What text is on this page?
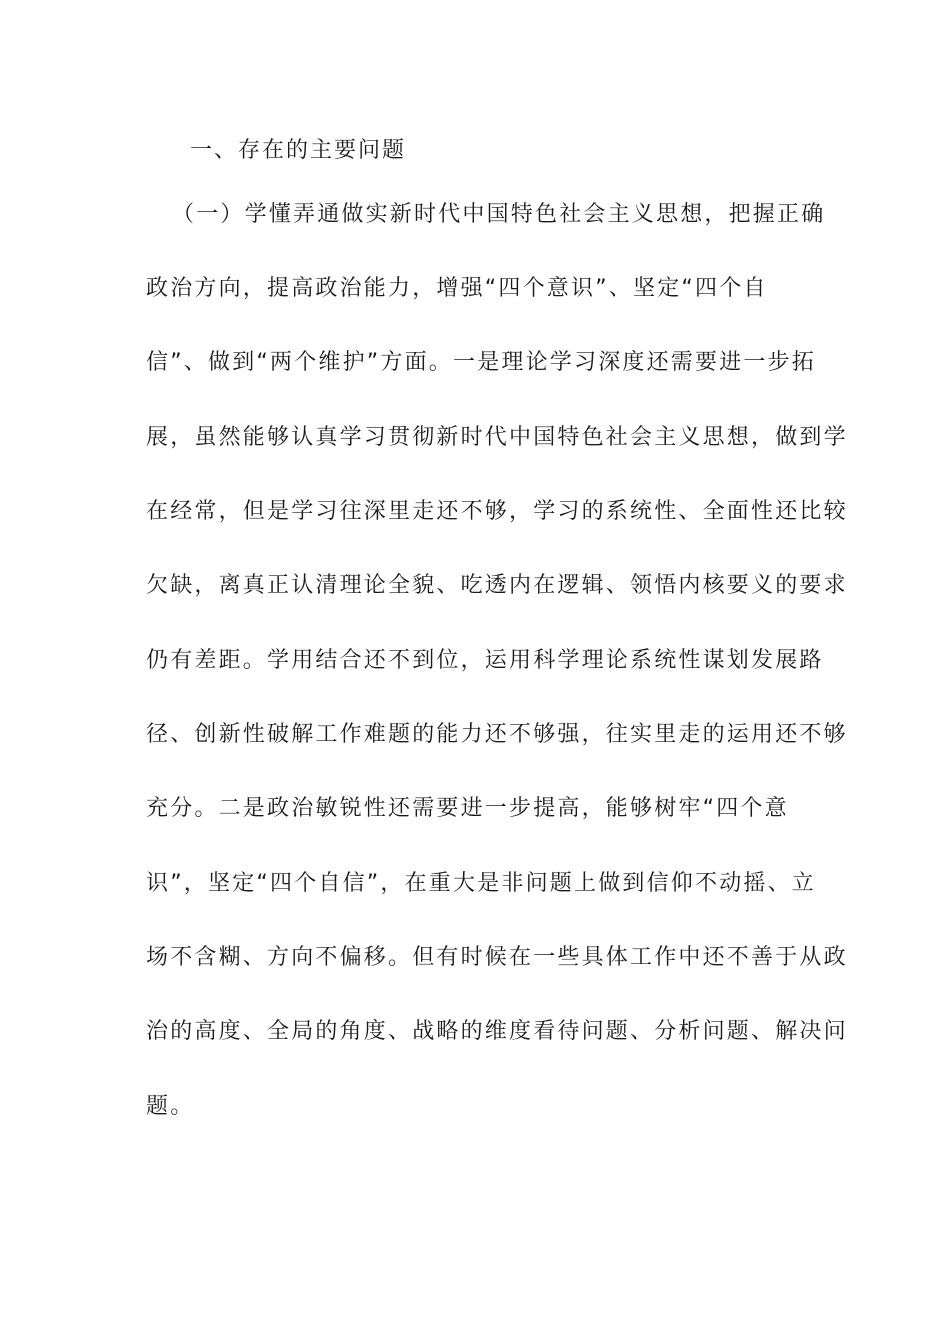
一、存在的主要问题
（一）学懂弄通做实新时代中国特色社会主义思想，把握正确
政治方向，提高政治能力，增强“四个意识”、坚定“四个自
信”、做到“两个维护”方面。一是理论学习深度还需要进一步拓
展，虽然能够认真学习贯彻新时代中国特色社会主义思想，做到学
在经常，但是学习往深里走还不够，学习的系统性、全面性还比较
欠缺，离真正认清理论全貌、吃透内在逻辑、领悟内核要义的要求
仍有差距。学用结合还不到位，运用科学理论系统性谋划发展路
径、创新性破解工作难题的能力还不够强，往实里走的运用还不够
充分。二是政治敏锐性还需要进一步提高，能够树牢“四个意
识”，坚定“四个自信”，在重大是非问题上做到信仰不动摇、立
场不含糊、方向不偏移。但有时候在一些具体工作中还不善于从政
治的高度、全局的角度、战略的维度看待问题、分析问题、解决问
题。
